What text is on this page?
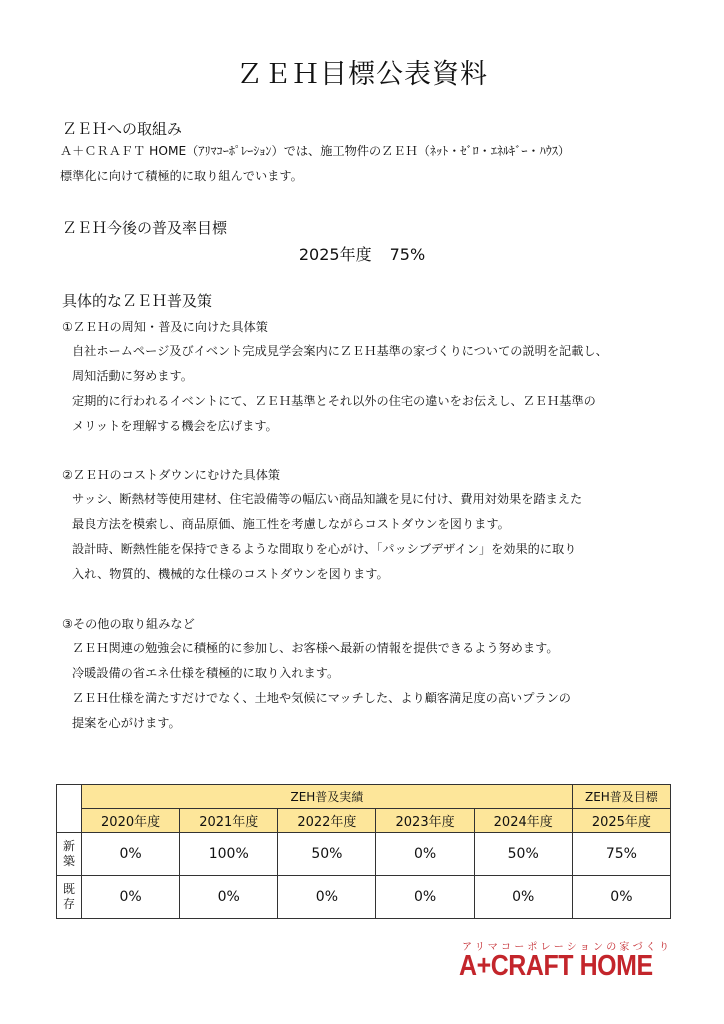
ＺＥＨ目標公表資料
ＺＥＨへの取組み
Ａ＋ＣＲＡＦＴ HOME（ｱﾘﾏｺｰﾎﾟﾚｰｼｮﾝ）では、施工物件のＺＥＨ（ﾈｯﾄ・ｾﾞﾛ・ｴﾈﾙｷﾞｰ・ﾊｳｽ）
標準化に向けて積極的に取り組んでいます。
ＺＥＨ今後の普及率目標
2025年度 75%
具体的なＺＥＨ普及策
①ＺＥＨの周知・普及に向けた具体策
自社ホームページ及びイベント完成見学会案内にＺＥＨ基準の家づくりについての説明を記載し、
周知活動に努めます。
定期的に行われるイベントにて、ＺＥＨ基準とそれ以外の住宅の違いをお伝えし、ＺＥＨ基準の
メリットを理解する機会を広げます。
②ＺＥＨのコストダウンにむけた具体策
サッシ、断熱材等使用建材、住宅設備等の幅広い商品知識を見に付け、費用対効果を踏まえた
最良方法を模索し、商品原価、施工性を考慮しながらコストダウンを図ります。
設計時、断熱性能を保持できるような間取りを心がけ、「パッシブデザイン」を効果的に取り
入れ、物質的、機械的な仕様のコストダウンを図ります。
③その他の取り組みなど
ＺＥＨ関連の勉強会に積極的に参加し、お客様へ最新の情報を提供できるよう努めます。
冷暖設備の省エネ仕様を積極的に取り入れます。
ＺＥＨ仕様を満たすだけでなく、土地や気候にマッチした、より顧客満足度の高いプランの
提案を心がけます。
	ZEH普及実績					ZEH普及目標
	2020年度	2021年度	2022年度	2023年度	2024年度	2025年度

新
築	0%	100%	50%	0%	50%	75%

既
存	0%	0%	0%	0%	0%	0%
アリマコーポレーションの家づくり
A+CRAFT HOME
